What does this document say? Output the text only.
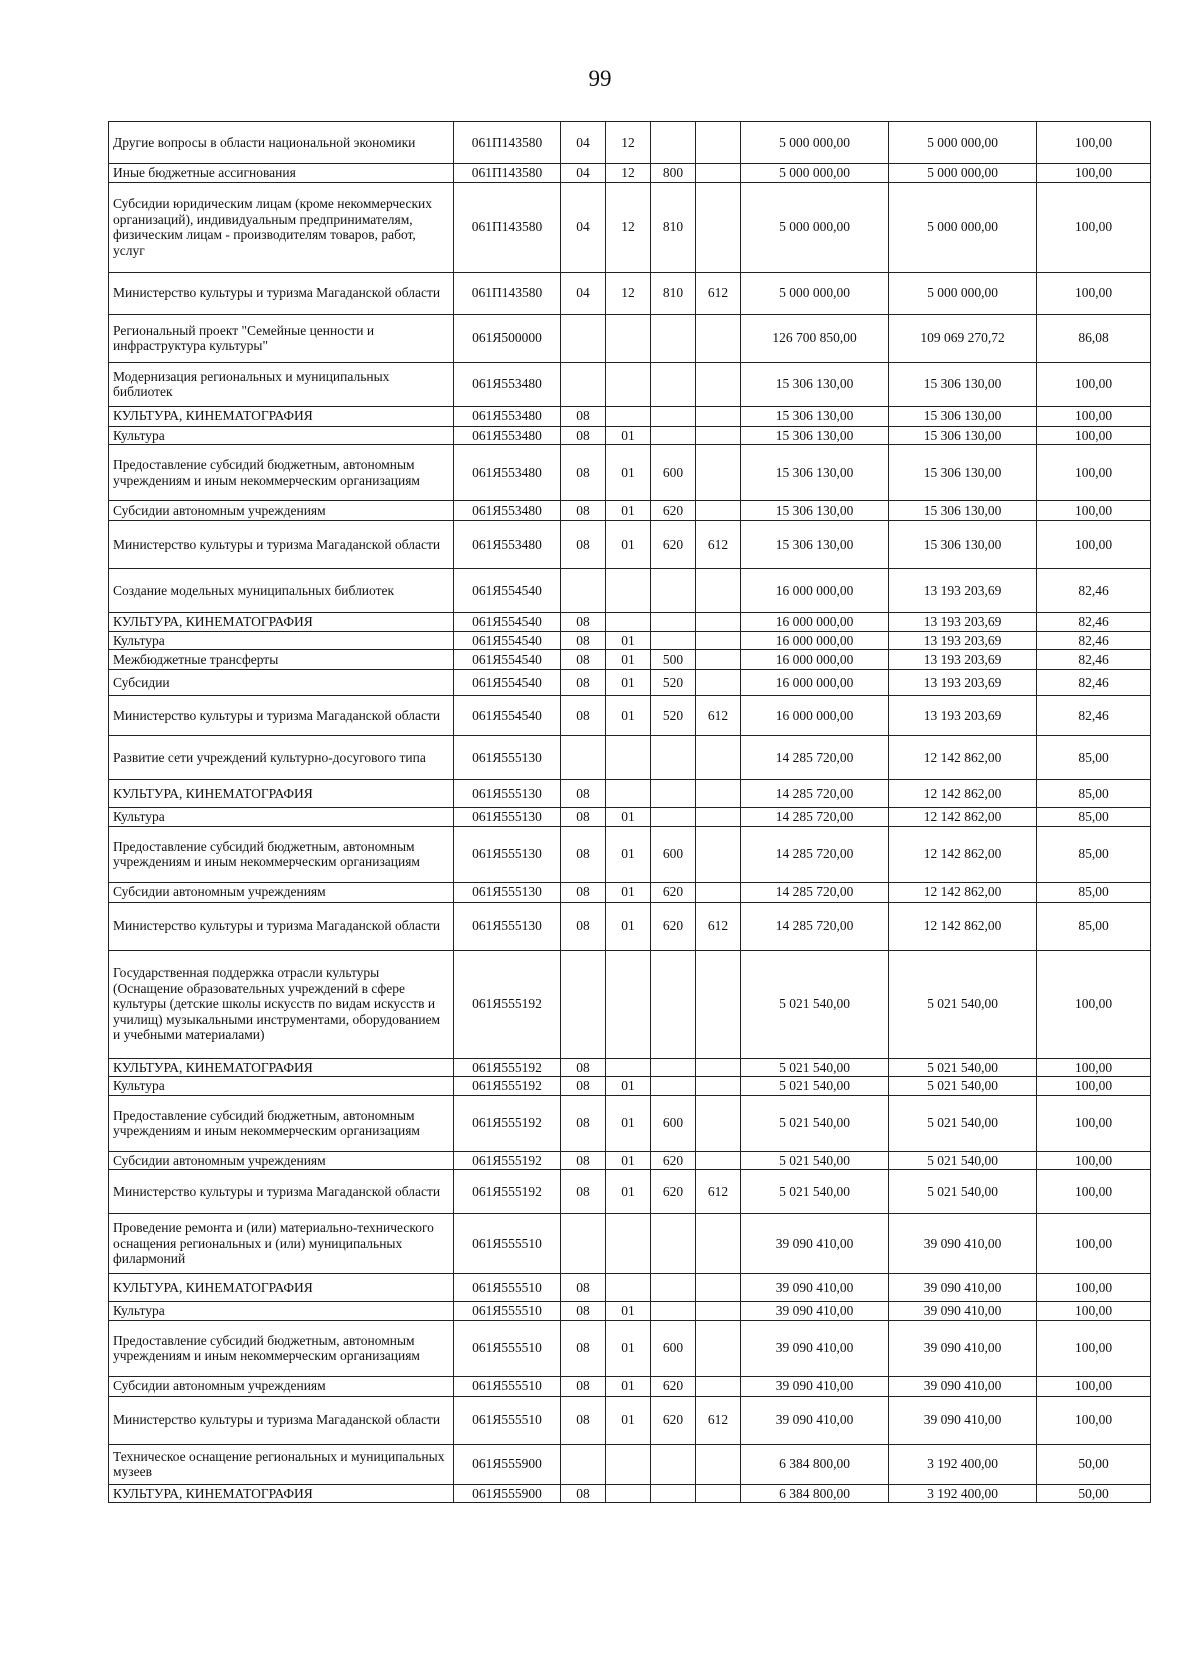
99
Другие вопросы в области национальной экономики	061П143580	04	12			5 000 000,00	5 000 000,00	100,00
Иные бюджетные ассигнования	061П143580	04	12	800		5 000 000,00	5 000 000,00	100,00
Субсидии юридическим лицам (кроме некоммерческих организаций), индивидуальным предпринимателям, физическим лицам - производителям товаров, работ, услуг	061П143580	04	12	810		5 000 000,00	5 000 000,00	100,00
Министерство культуры и туризма Магаданской области	061П143580	04	12	810	612	5 000 000,00	5 000 000,00	100,00
Региональный проект "Семейные ценности и инфраструктура культуры"	061Я500000					126 700 850,00	109 069 270,72	86,08
Модернизация региональных и муниципальных библиотек	061Я553480					15 306 130,00	15 306 130,00	100,00
КУЛЬТУРА, КИНЕМАТОГРАФИЯ	061Я553480	08				15 306 130,00	15 306 130,00	100,00
Культура	061Я553480	08	01			15 306 130,00	15 306 130,00	100,00
Предоставление субсидий бюджетным, автономным учреждениям и иным некоммерческим организациям	061Я553480	08	01	600		15 306 130,00	15 306 130,00	100,00
Субсидии автономным учреждениям	061Я553480	08	01	620		15 306 130,00	15 306 130,00	100,00
Министерство культуры и туризма Магаданской области	061Я553480	08	01	620	612	15 306 130,00	15 306 130,00	100,00
Создание модельных муниципальных библиотек	061Я554540					16 000 000,00	13 193 203,69	82,46
КУЛЬТУРА, КИНЕМАТОГРАФИЯ	061Я554540	08				16 000 000,00	13 193 203,69	82,46
Культура	061Я554540	08	01			16 000 000,00	13 193 203,69	82,46
Межбюджетные трансферты	061Я554540	08	01	500		16 000 000,00	13 193 203,69	82,46
Субсидии	061Я554540	08	01	520		16 000 000,00	13 193 203,69	82,46
Министерство культуры и туризма Магаданской области	061Я554540	08	01	520	612	16 000 000,00	13 193 203,69	82,46
Развитие сети учреждений культурно-досугового типа	061Я555130					14 285 720,00	12 142 862,00	85,00
КУЛЬТУРА, КИНЕМАТОГРАФИЯ	061Я555130	08				14 285 720,00	12 142 862,00	85,00
Культура	061Я555130	08	01			14 285 720,00	12 142 862,00	85,00
Предоставление субсидий бюджетным, автономным учреждениям и иным некоммерческим организациям	061Я555130	08	01	600		14 285 720,00	12 142 862,00	85,00
Субсидии автономным учреждениям	061Я555130	08	01	620		14 285 720,00	12 142 862,00	85,00
Министерство культуры и туризма Магаданской области	061Я555130	08	01	620	612	14 285 720,00	12 142 862,00	85,00
Государственная поддержка отрасли культуры (Оснащение образовательных учреждений в сфере культуры (детские школы искусств по видам искусств и училищ) музыкальными инструментами, оборудованием и учебными материалами)	061Я555192					5 021 540,00	5 021 540,00	100,00
КУЛЬТУРА, КИНЕМАТОГРАФИЯ	061Я555192	08				5 021 540,00	5 021 540,00	100,00
Культура	061Я555192	08	01			5 021 540,00	5 021 540,00	100,00
Предоставление субсидий бюджетным, автономным учреждениям и иным некоммерческим организациям	061Я555192	08	01	600		5 021 540,00	5 021 540,00	100,00
Субсидии автономным учреждениям	061Я555192	08	01	620		5 021 540,00	5 021 540,00	100,00
Министерство культуры и туризма Магаданской области	061Я555192	08	01	620	612	5 021 540,00	5 021 540,00	100,00
Проведение ремонта и (или) материально-технического оснащения региональных и (или) муниципальных филармоний	061Я555510					39 090 410,00	39 090 410,00	100,00
КУЛЬТУРА, КИНЕМАТОГРАФИЯ	061Я555510	08				39 090 410,00	39 090 410,00	100,00
Культура	061Я555510	08	01			39 090 410,00	39 090 410,00	100,00
Предоставление субсидий бюджетным, автономным учреждениям и иным некоммерческим организациям	061Я555510	08	01	600		39 090 410,00	39 090 410,00	100,00
Субсидии автономным учреждениям	061Я555510	08	01	620		39 090 410,00	39 090 410,00	100,00
Министерство культуры и туризма Магаданской области	061Я555510	08	01	620	612	39 090 410,00	39 090 410,00	100,00
Техническое оснащение региональных и муниципальных музеев	061Я555900					6 384 800,00	3 192 400,00	50,00
КУЛЬТУРА, КИНЕМАТОГРАФИЯ	061Я555900	08				6 384 800,00	3 192 400,00	50,00
